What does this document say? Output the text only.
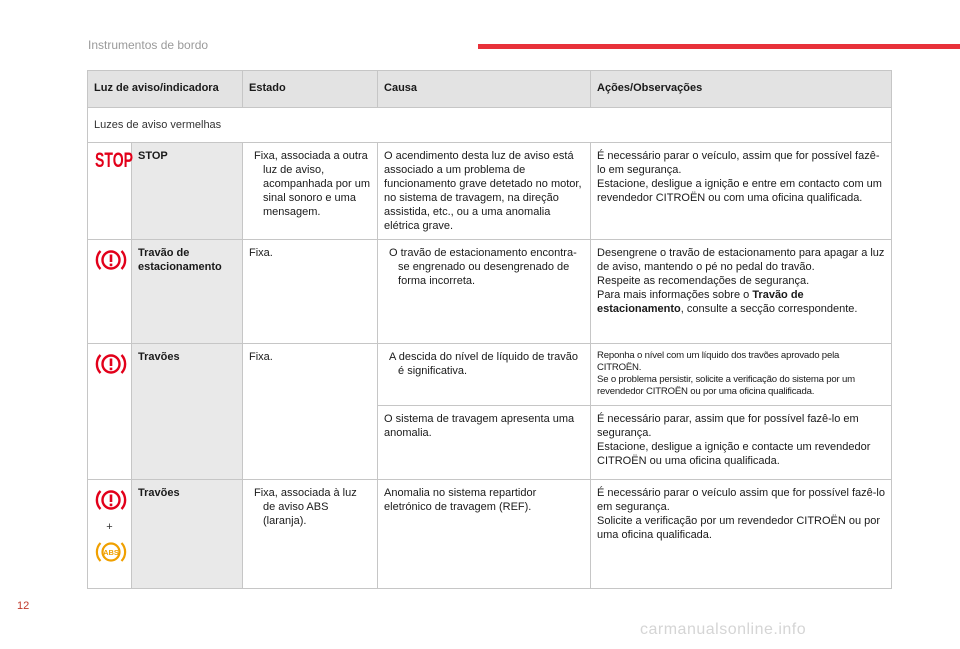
Instrumentos de bordo
Luz de aviso/indicadora		Estado	Causa	Ações/Observações
Luzes de aviso vermelhas				

STOP	STOP	Fixa, associada a outra luz de aviso, acompanhada por um sinal sonoro e uma mensagem.	O acendimento desta luz de aviso está associado a um problema de funcionamento grave detetado no motor, no sistema de travagem, na direção assistida, etc., ou a uma anomalia elétrica grave.	É necessário parar o veículo, assim que for possível fazê-lo em segurança.
Estacione, desligue a ignição e entre em contacto com um revendedor CITROËN ou com uma oficina qualificada.
	Travão de estacionamento	Fixa.	O travão de estacionamento encontra-se engrenado ou desengrenado de forma incorreta.	Desengrene o travão de estacionamento para apagar a luz de aviso, mantendo o pé no pedal do travão.
Respeite as recomendações de segurança.
Para mais informações sobre o Travão de estacionamento, consulte a secção correspondente.
	Travões	Fixa.	A descida do nível de líquido de travão é significativa.	Reponha o nível com um líquido dos travões aprovado pela CITROËN.
Se o problema persistir, solicite a verificação do sistema por um revendedor CITROËN ou por uma oficina qualificada.
			O sistema de travagem apresenta uma anomalia.	É necessário parar, assim que for possível fazê-lo em segurança.
Estacione, desligue a ignição e contacte um revendedor CITROËN ou uma oficina qualificada.

+
ABS	Travões	Fixa, associada à luz de aviso ABS (laranja).	Anomalia no sistema repartidor eletrónico de travagem (REF).	É necessário parar o veículo assim que for possível fazê-lo em segurança.
Solicite a verificação por um revendedor CITROËN ou por uma oficina qualificada.
12
carmanualsonline.info
